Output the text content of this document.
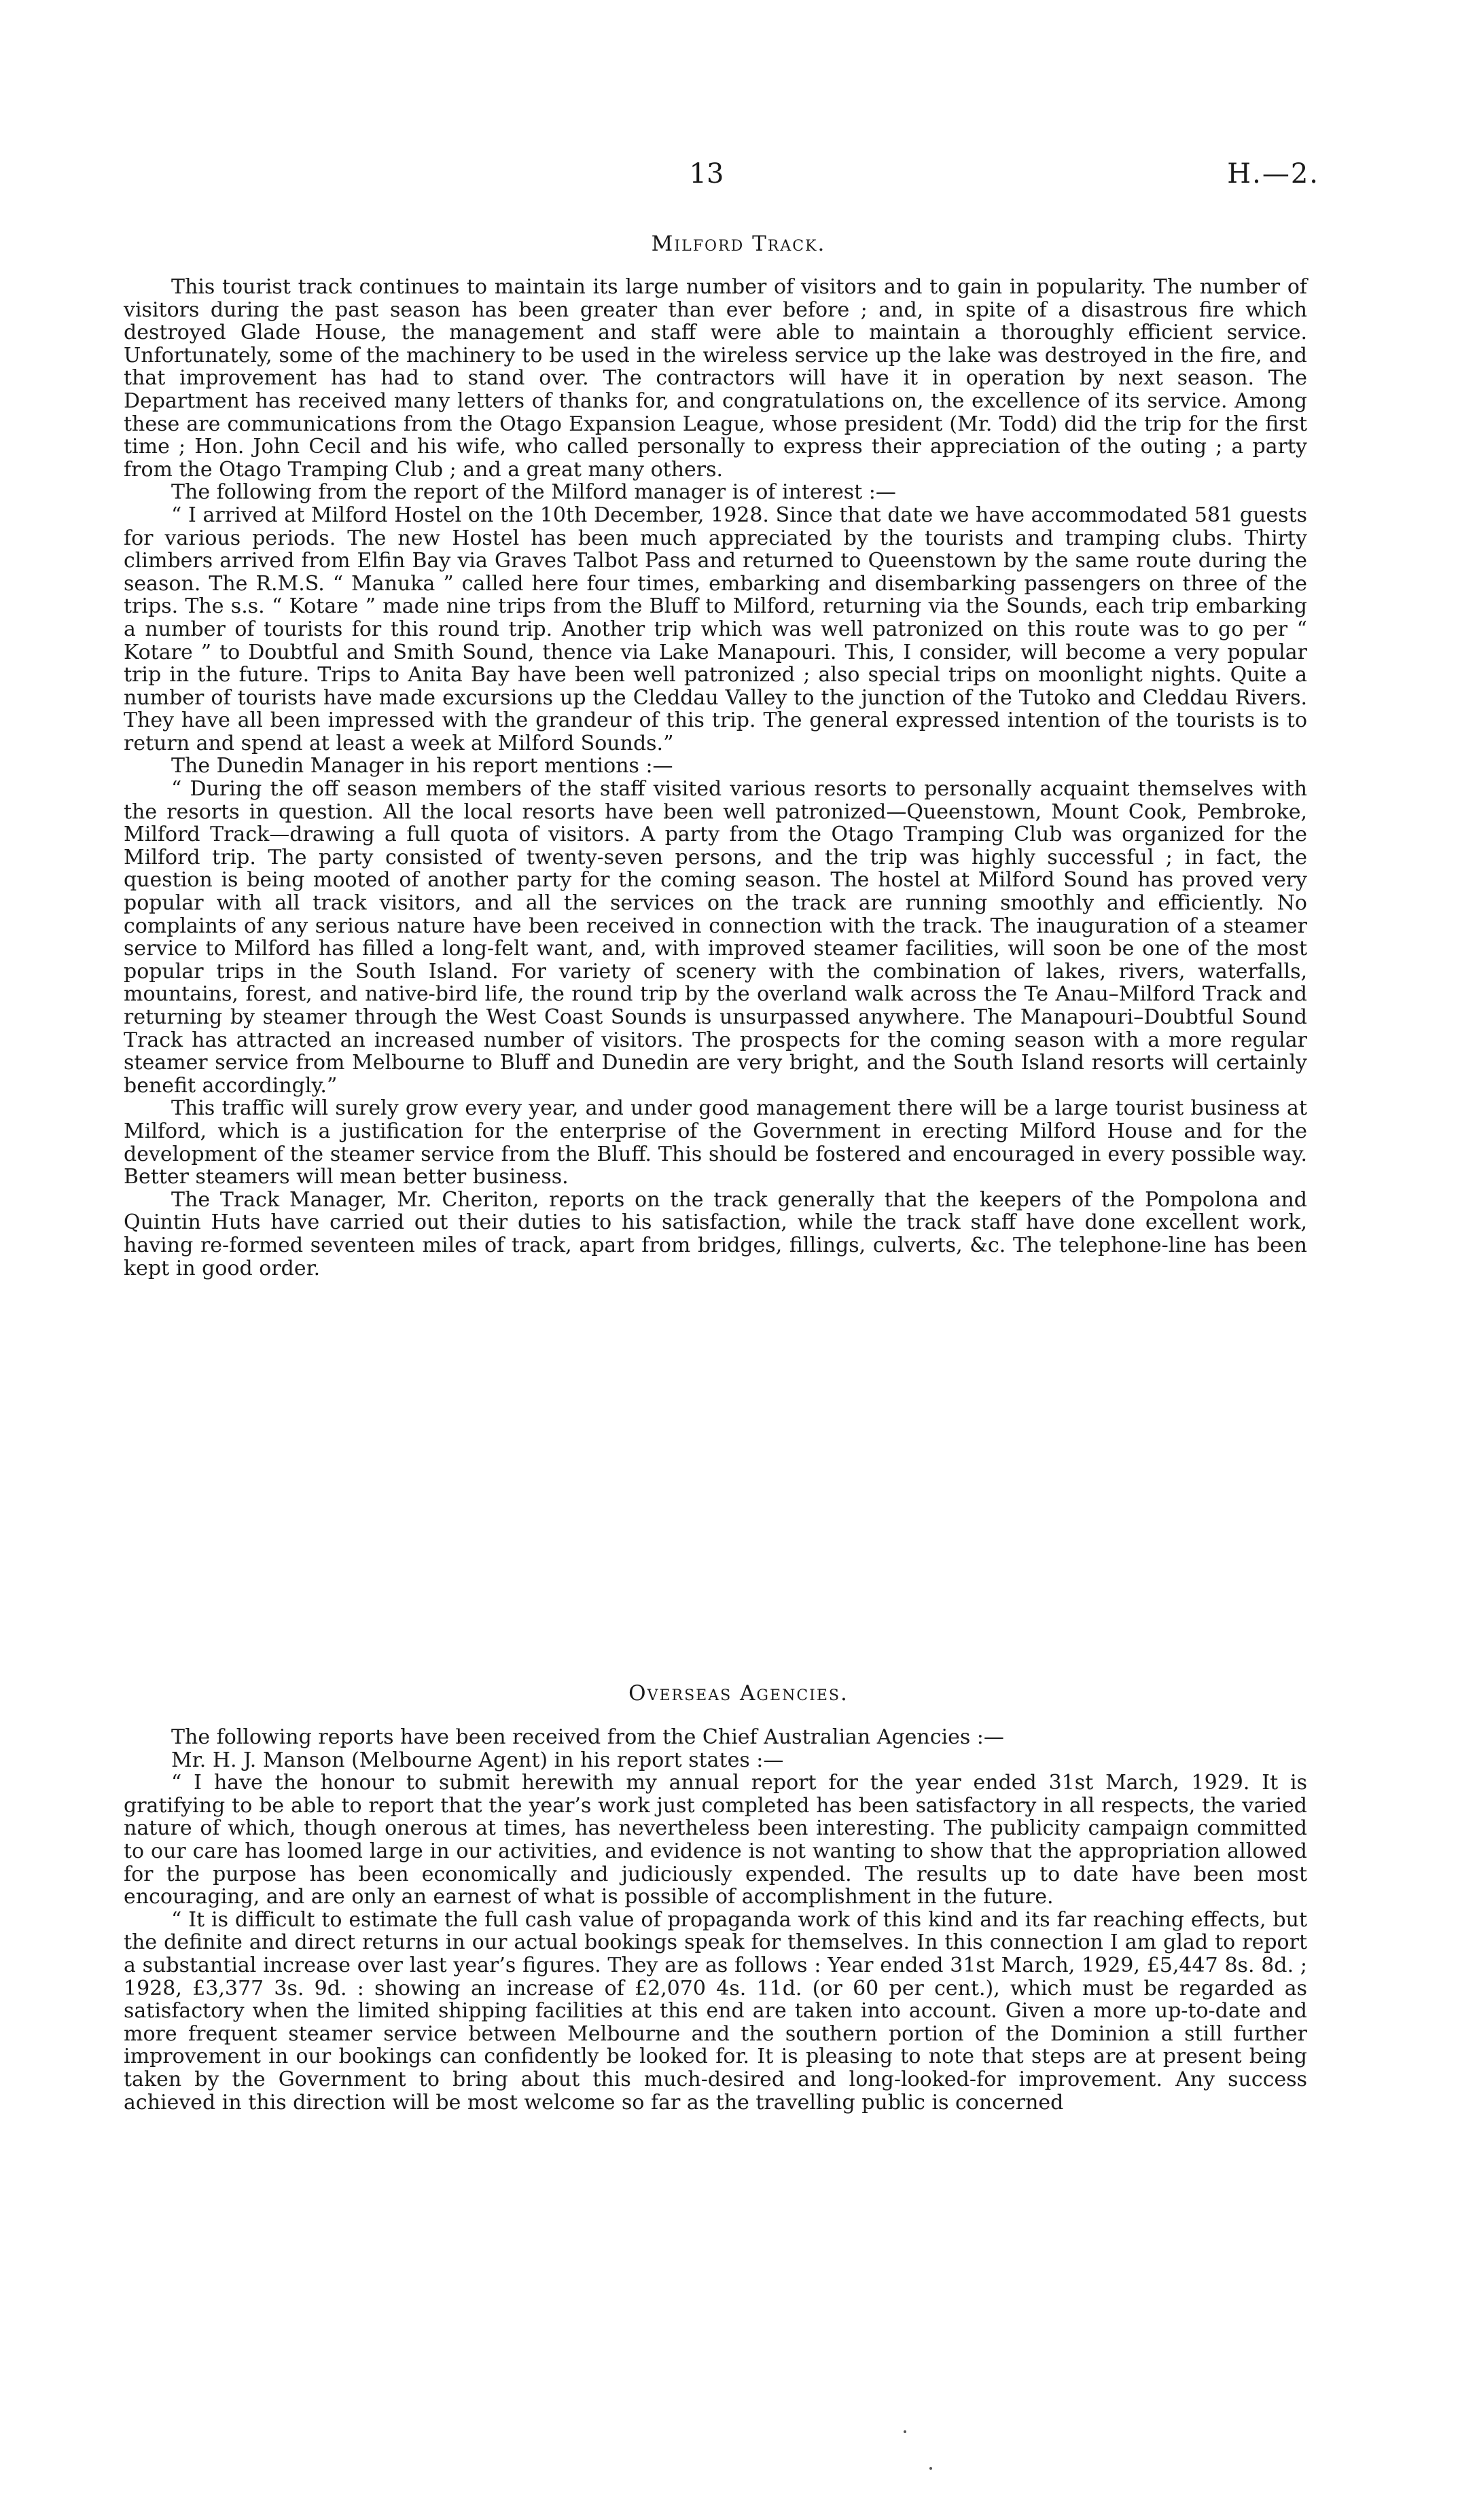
13	H.—2.
Milford Track.

This tourist track continues to maintain its large number of visitors and to gain in popularity. The number of visitors during the past season has been greater than ever before ; and, in spite of a disastrous fire which destroyed Glade House, the management and staff were able to maintain a thoroughly efficient service. Unfortunately, some of the machinery to be used in the wireless service up the lake was destroyed in the fire, and that improvement has had to stand over. The contractors will have it in operation by next season. The Department has received many letters of thanks for, and congratulations on, the excellence of its service. Among these are communications from the Otago Expansion League, whose president (Mr. Todd) did the trip for the first time ; Hon. John Cecil and his wife, who called personally to express their appreciation of the outing ; a party from the Otago Tramping Club ; and a great many others.

The following from the report of the Milford manager is of interest :—

“ I arrived at Milford Hostel on the 10th December, 1928. Since that date we have accommodated 581 guests for various periods. The new Hostel has been much appreciated by the tourists and tramping clubs. Thirty climbers arrived from Elfin Bay via Graves Talbot Pass and returned to Queenstown by the same route during the season. The R.M.S. “ Manuka ” called here four times, embarking and disembarking passengers on three of the trips. The s.s. “ Kotare ” made nine trips from the Bluff to Milford, returning via the Sounds, each trip embarking a number of tourists for this round trip. Another trip which was well patronized on this route was to go per “ Kotare ” to Doubtful and Smith Sound, thence via Lake Manapouri. This, I consider, will become a very popular trip in the future. Trips to Anita Bay have been well patronized ; also special trips on moonlight nights. Quite a number of tourists have made excursions up the Cleddau Valley to the junction of the Tutoko and Cleddau Rivers. They have all been impressed with the grandeur of this trip. The general expressed intention of the tourists is to return and spend at least a week at Milford Sounds.”

The Dunedin Manager in his report mentions :—

“ During the off season members of the staff visited various resorts to personally acquaint themselves with the resorts in question. All the local resorts have been well patronized—Queenstown, Mount Cook, Pembroke, Milford Track—drawing a full quota of visitors. A party from the Otago Tramping Club was organized for the Milford trip. The party consisted of twenty-seven persons, and the trip was highly successful ; in fact, the question is being mooted of another party for the coming season. The hostel at Milford Sound has proved very popular with all track visitors, and all the services on the track are running smoothly and efficiently. No complaints of any serious nature have been received in connection with the track. The inauguration of a steamer service to Milford has filled a long-felt want, and, with improved steamer facilities, will soon be one of the most popular trips in the South Island. For variety of scenery with the combination of lakes, rivers, waterfalls, mountains, forest, and native-bird life, the round trip by the overland walk across the Te Anau–Milford Track and returning by steamer through the West Coast Sounds is unsurpassed anywhere. The Manapouri–Doubtful Sound Track has attracted an increased number of visitors. The prospects for the coming season with a more regular steamer service from Melbourne to Bluff and Dunedin are very bright, and the South Island resorts will certainly benefit accordingly.”

This traffic will surely grow every year, and under good management there will be a large tourist business at Milford, which is a justification for the enterprise of the Government in erecting Milford House and for the development of the steamer service from the Bluff. This should be fostered and encouraged in every possible way. Better steamers will mean better business.

The Track Manager, Mr. Cheriton, reports on the track generally that the keepers of the Pompolona and Quintin Huts have carried out their duties to his satisfaction, while the track staff have done excellent work, having re-formed seventeen miles of track, apart from bridges, fillings, culverts, &c. The telephone-line has been kept in good order.

Overseas Agencies.

The following reports have been received from the Chief Australian Agencies :—

Mr. H. J. Manson (Melbourne Agent) in his report states :—

“ I have the honour to submit herewith my annual report for the year ended 31st March, 1929. It is gratifying to be able to report that the year’s work just completed has been satisfactory in all respects, the varied nature of which, though onerous at times, has nevertheless been interesting. The publicity campaign committed to our care has loomed large in our activities, and evidence is not wanting to show that the appropriation allowed for the purpose has been economically and judiciously expended. The results up to date have been most encouraging, and are only an earnest of what is possible of accomplishment in the future.

“ It is difficult to estimate the full cash value of propaganda work of this kind and its far reaching effects, but the definite and direct returns in our actual bookings speak for themselves. In this connection I am glad to report a substantial increase over last year’s figures. They are as follows : Year ended 31st March, 1929, £5,447 8s. 8d. ; 1928, £3,377 3s. 9d. : showing an increase of £2,070 4s. 11d. (or 60 per cent.), which must be regarded as satisfactory when the limited shipping facilities at this end are taken into account. Given a more up-to-date and more frequent steamer service between Melbourne and the southern portion of the Dominion a still further improvement in our bookings can confidently be looked for. It is pleasing to note that steps are at present being taken by the Government to bring about this much-desired and long-looked-for improvement. Any success achieved in this direction will be most welcome so far as the travelling public is concerned
